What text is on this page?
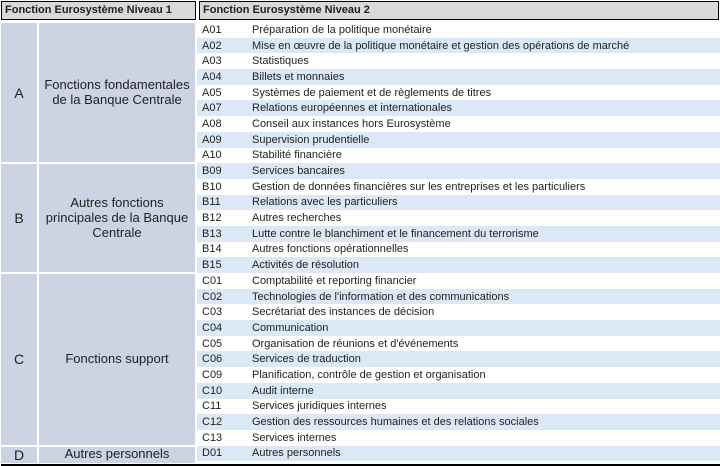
Fonction Eurosystème Niveau 1	Fonction Eurosystème Niveau 2
A
Fonctions fondamentales de la Banque Centrale
A01	Préparation de la politique monétaire
A02	Mise en œuvre de la politique monétaire et gestion des opérations de marché
A03	Statistiques
A04	Billets et monnaies
A05	Systèmes de paiement et de règlements de titres
A07	Relations européennes et internationales
A08	Conseil aux instances hors Eurosystème
A09	Supervision prudentielle
A10	Stabilité financière
B
Autres fonctions principales de la Banque Centrale
B09	Services bancaires
B10	Gestion de données financières sur les entreprises et les particuliers
B11	Relations avec les particuliers
B12	Autres recherches
B13	Lutte contre le blanchiment et le financement du terrorisme
B14	Autres fonctions opérationnelles
B15	Activités de résolution
C	Fonctions support
C01	Comptabilité et reporting financier
C02	Technologies de l'information et des communications
C03	Secrétariat des instances de décision
C04	Communication
C05	Organisation de réunions et d'événements
C06	Services de traduction
C09	Planification, contrôle de gestion et organisation
C10	Audit interne
C11	Services juridiques internes
C12	Gestion des ressources humaines et des relations sociales
C13	Services internes
D	Autres personnels	D01	Autres personnels
